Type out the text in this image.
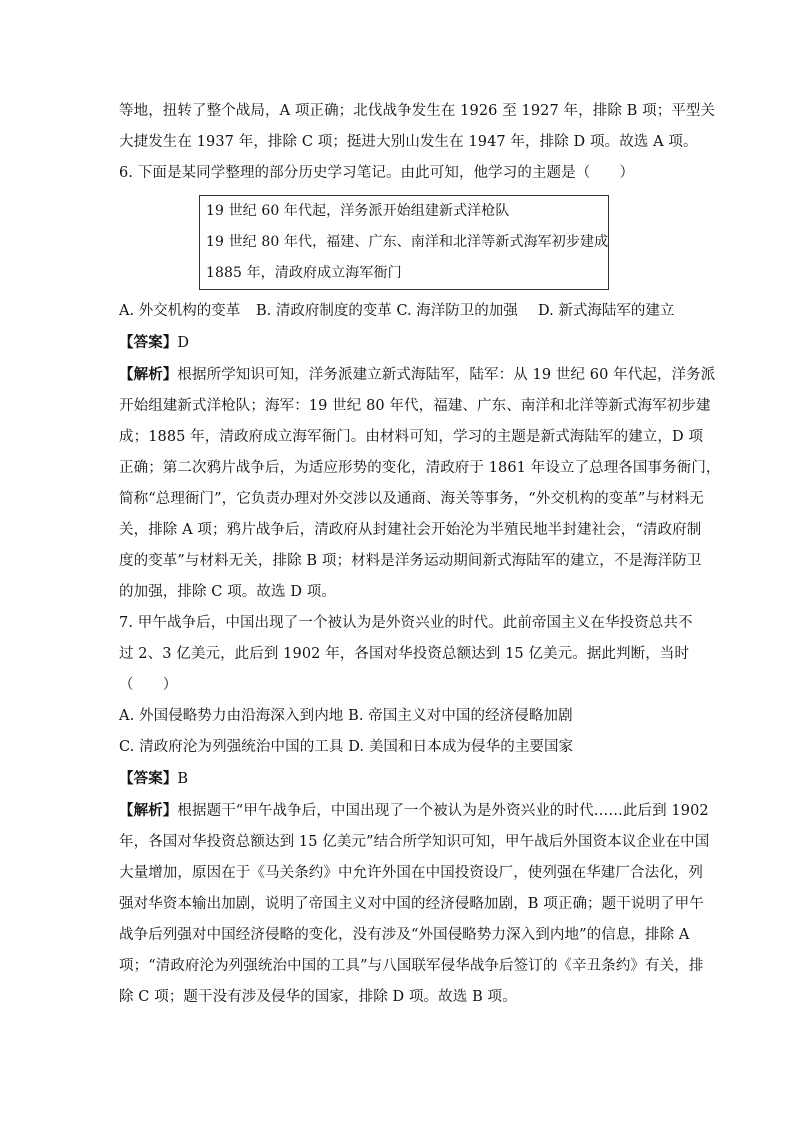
等地，扭转了整个战局，A 项正确；北伐战争发生在 1926 至 1927 年，排除 B 项；平型关
大捷发生在 1937 年，排除 C 项；挺进大别山发生在 1947 年，排除 D 项。故选 A 项。
6. 下面是某同学整理的部分历史学习笔记。由此可知，他学习的主题是（　　）
19 世纪 60 年代起，洋务派开始组建新式洋枪队
19 世纪 80 年代，福建、广东、南洋和北洋等新式海军初步建成
1885 年，清政府成立海军衙门
A. 外交机构的变革	B. 清政府制度的变革 C. 海洋防卫的加强	D. 新式海陆军的建立
【答案】D
【解析】根据所学知识可知，洋务派建立新式海陆军，陆军：从 19 世纪 60 年代起，洋务派
开始组建新式洋枪队；海军：19 世纪 80 年代，福建、广东、南洋和北洋等新式海军初步建
成；1885 年，清政府成立海军衙门。由材料可知，学习的主题是新式海陆军的建立，D 项
正确；第二次鸦片战争后，为适应形势的变化，清政府于 1861 年设立了总理各国事务衙门，
简称“总理衙门”，它负责办理对外交涉以及通商、海关等事务，“外交机构的变革”与材料无
关，排除 A 项；鸦片战争后，清政府从封建社会开始沦为半殖民地半封建社会，“清政府制
度的变革”与材料无关，排除 B 项；材料是洋务运动期间新式海陆军的建立，不是海洋防卫
的加强，排除 C 项。故选 D 项。
7. 甲午战争后，中国出现了一个被认为是外资兴业的时代。此前帝国主义在华投资总共不
过 2、3 亿美元，此后到 1902 年，各国对华投资总额达到 15 亿美元。据此判断，当时
（　　）
A. 外国侵略势力由沿海深入到内地 B. 帝国主义对中国的经济侵略加剧
C. 清政府沦为列强统治中国的工具 D. 美国和日本成为侵华的主要国家
【答案】B
【解析】根据题干“甲午战争后，中国出现了一个被认为是外资兴业的时代……此后到 1902
年，各国对华投资总额达到 15 亿美元”结合所学知识可知，甲午战后外国资本议企业在中国
大量增加，原因在于《马关条约》中允许外国在中国投资设厂，使列强在华建厂合法化，列
强对华资本输出加剧，说明了帝国主义对中国的经济侵略加剧，B 项正确；题干说明了甲午
战争后列强对中国经济侵略的变化，没有涉及“外国侵略势力深入到内地”的信息，排除 A
项；“清政府沦为列强统治中国的工具”与八国联军侵华战争后签订的《辛丑条约》有关，排
除 C 项；题干没有涉及侵华的国家，排除 D 项。故选 B 项。
